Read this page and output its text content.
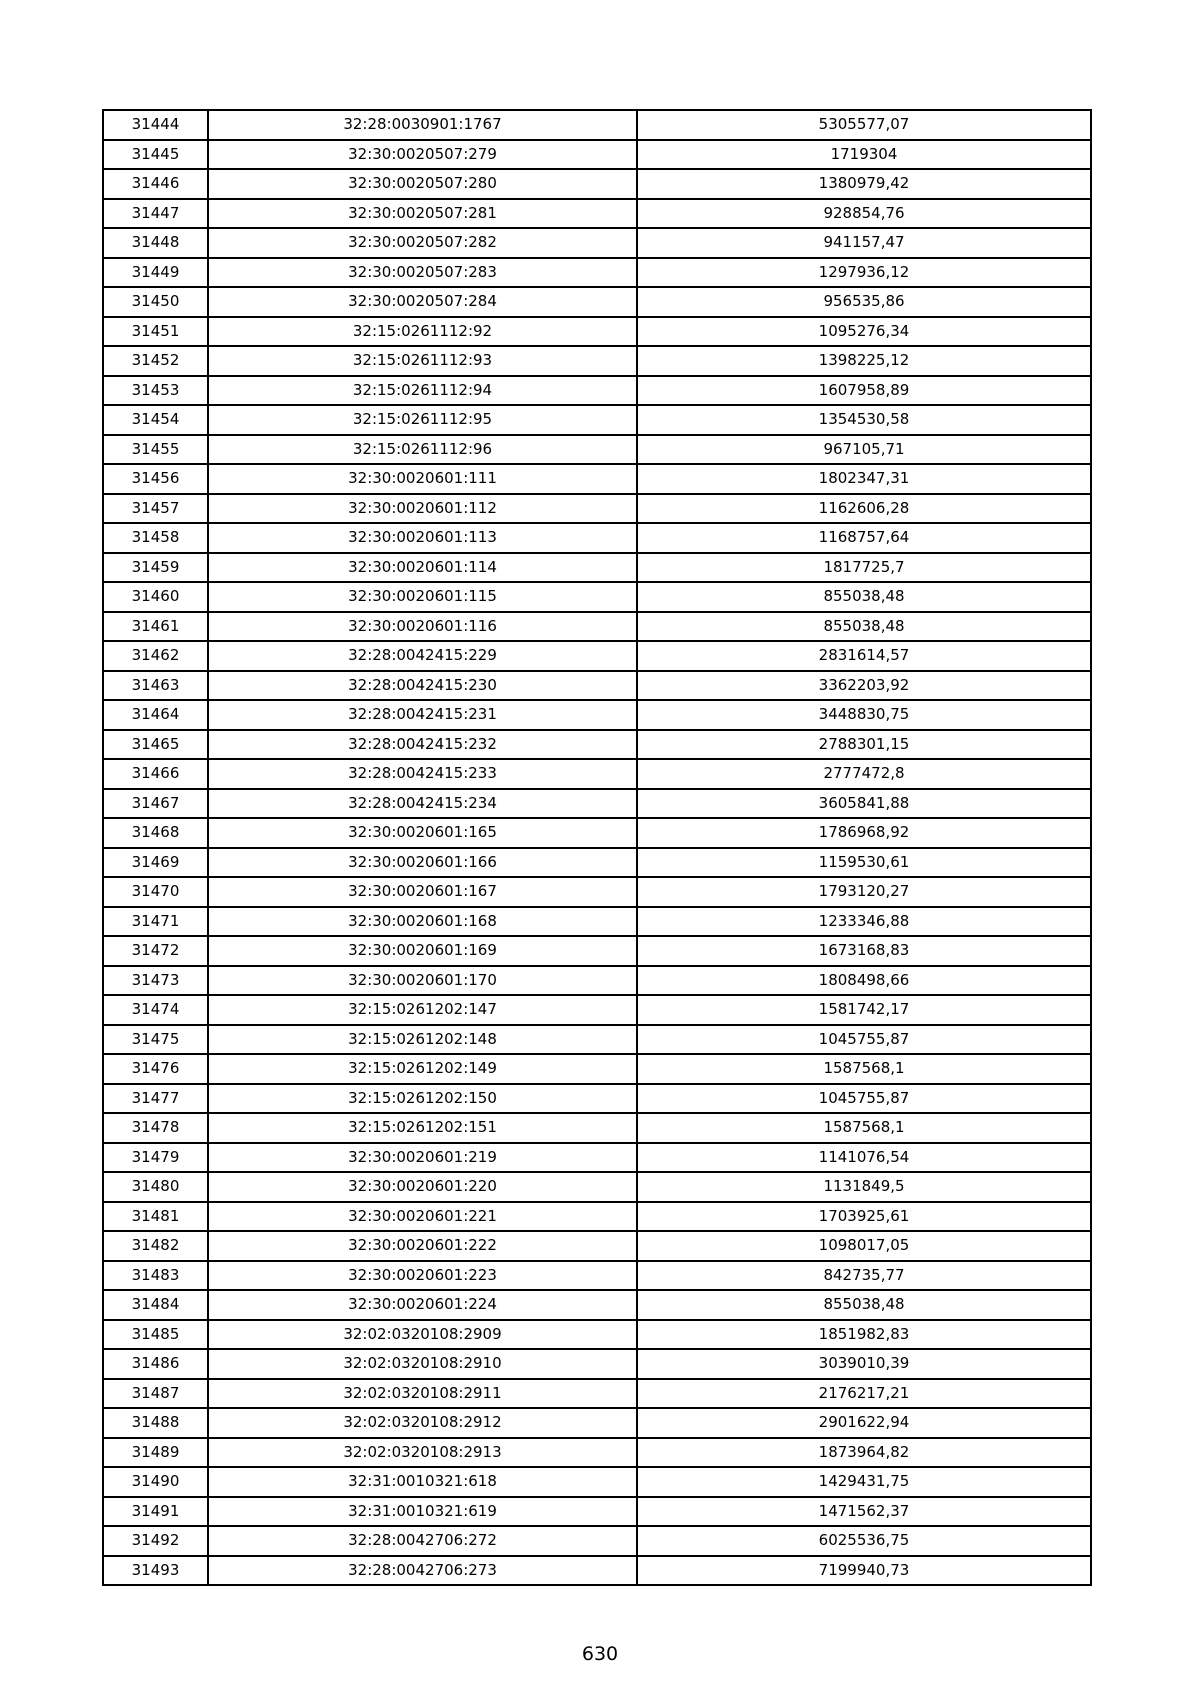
31444	32:28:0030901:1767	5305577,07
31445	32:30:0020507:279	1719304
31446	32:30:0020507:280	1380979,42
31447	32:30:0020507:281	928854,76
31448	32:30:0020507:282	941157,47
31449	32:30:0020507:283	1297936,12
31450	32:30:0020507:284	956535,86
31451	32:15:0261112:92	1095276,34
31452	32:15:0261112:93	1398225,12
31453	32:15:0261112:94	1607958,89
31454	32:15:0261112:95	1354530,58
31455	32:15:0261112:96	967105,71
31456	32:30:0020601:111	1802347,31
31457	32:30:0020601:112	1162606,28
31458	32:30:0020601:113	1168757,64
31459	32:30:0020601:114	1817725,7
31460	32:30:0020601:115	855038,48
31461	32:30:0020601:116	855038,48
31462	32:28:0042415:229	2831614,57
31463	32:28:0042415:230	3362203,92
31464	32:28:0042415:231	3448830,75
31465	32:28:0042415:232	2788301,15
31466	32:28:0042415:233	2777472,8
31467	32:28:0042415:234	3605841,88
31468	32:30:0020601:165	1786968,92
31469	32:30:0020601:166	1159530,61
31470	32:30:0020601:167	1793120,27
31471	32:30:0020601:168	1233346,88
31472	32:30:0020601:169	1673168,83
31473	32:30:0020601:170	1808498,66
31474	32:15:0261202:147	1581742,17
31475	32:15:0261202:148	1045755,87
31476	32:15:0261202:149	1587568,1
31477	32:15:0261202:150	1045755,87
31478	32:15:0261202:151	1587568,1
31479	32:30:0020601:219	1141076,54
31480	32:30:0020601:220	1131849,5
31481	32:30:0020601:221	1703925,61
31482	32:30:0020601:222	1098017,05
31483	32:30:0020601:223	842735,77
31484	32:30:0020601:224	855038,48
31485	32:02:0320108:2909	1851982,83
31486	32:02:0320108:2910	3039010,39
31487	32:02:0320108:2911	2176217,21
31488	32:02:0320108:2912	2901622,94
31489	32:02:0320108:2913	1873964,82
31490	32:31:0010321:618	1429431,75
31491	32:31:0010321:619	1471562,37
31492	32:28:0042706:272	6025536,75
31493	32:28:0042706:273	7199940,73
630
